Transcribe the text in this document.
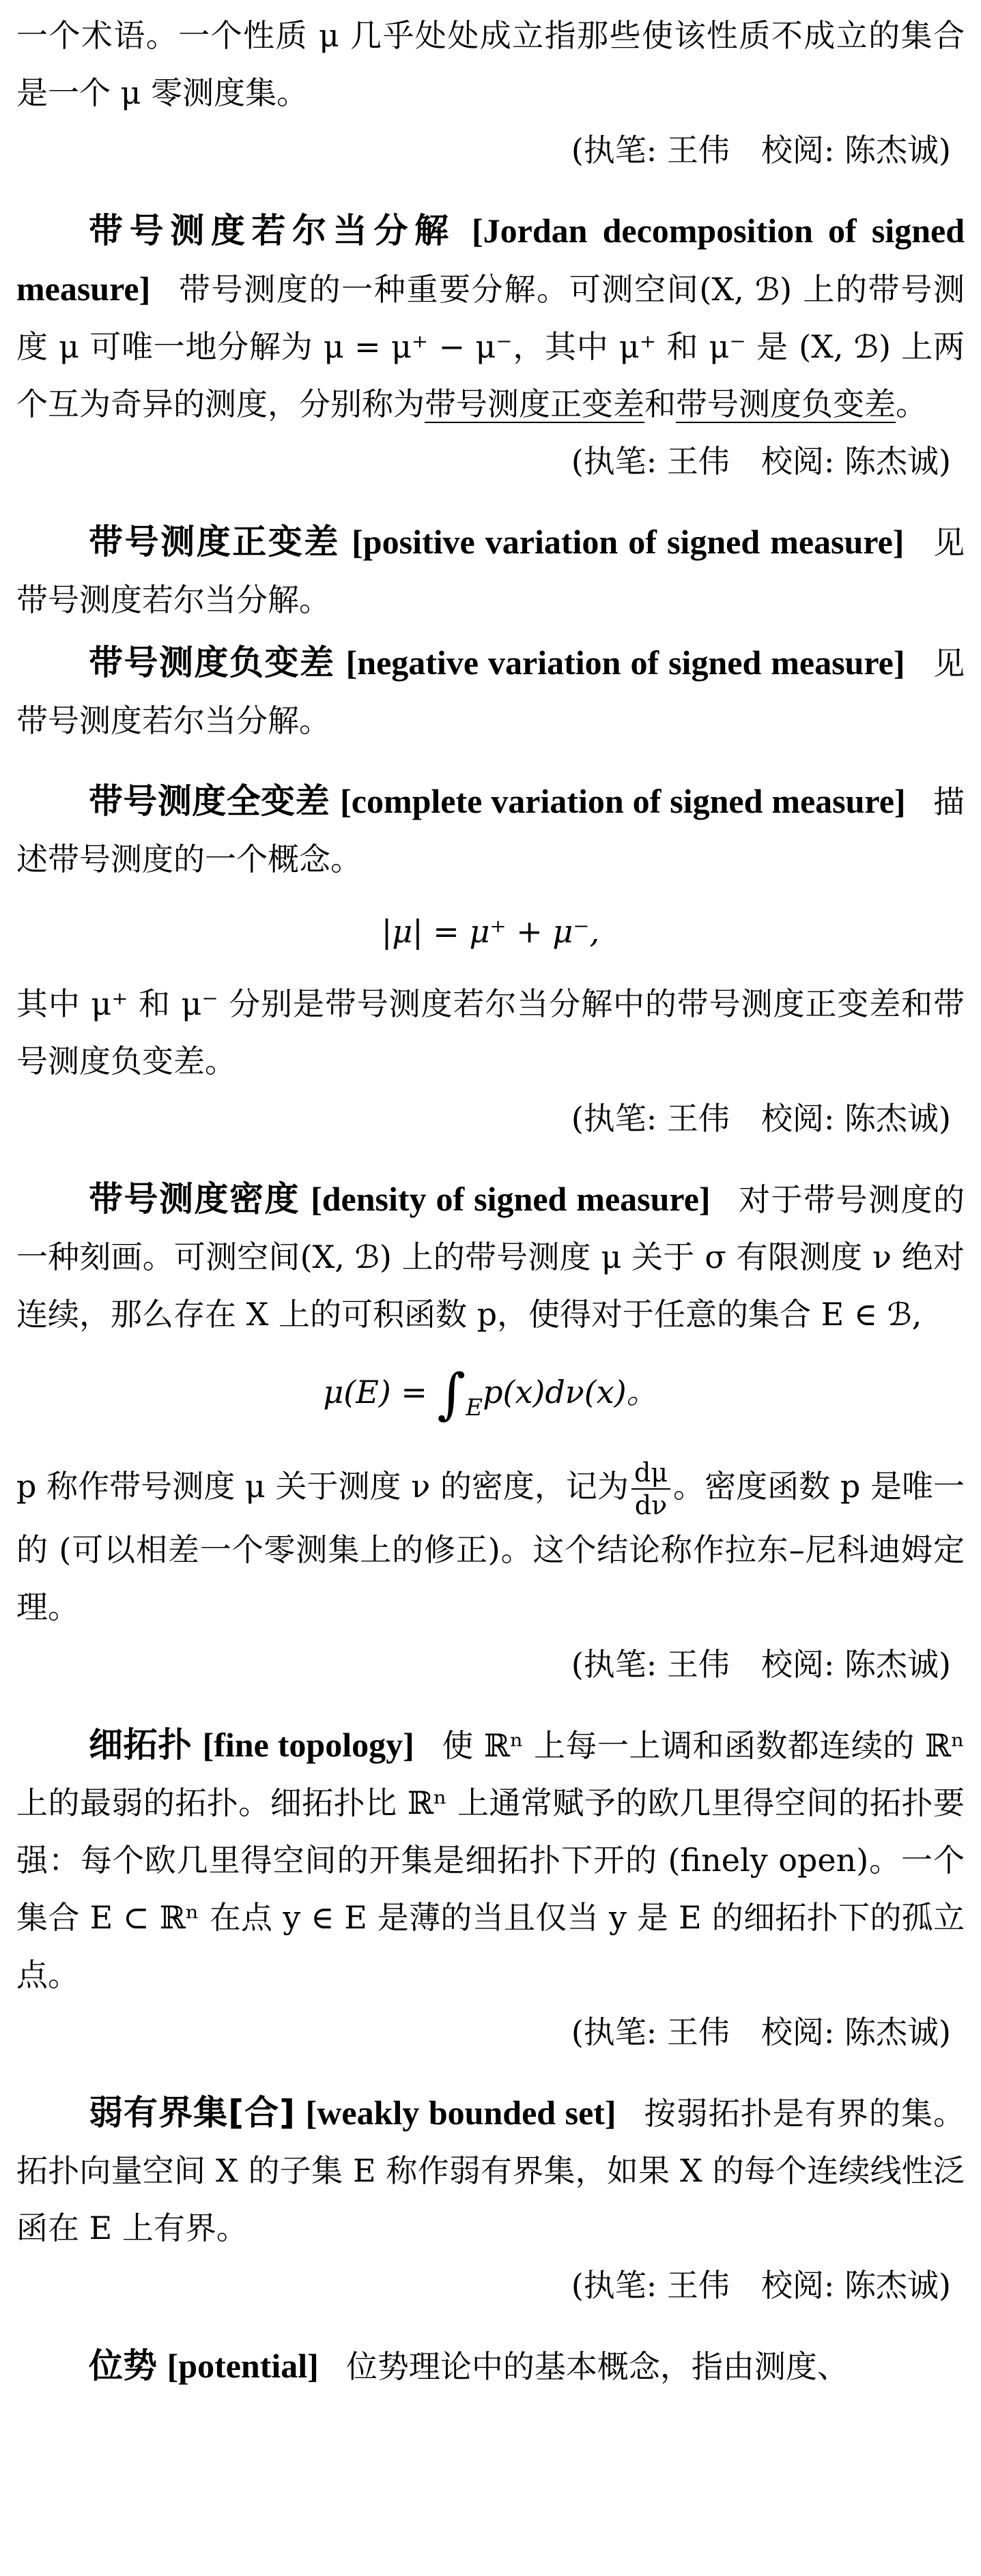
一个术语。一个性质 μ 几乎处处成立指那些使该性质不成立的集合是一个 μ 零测度集。

(执笔: 王伟 校阅: 陈杰诚)

带号测度若尔当分解 [Jordan decomposition of signed measure] 带号测度的一种重要分解。可测空间(X, ℬ) 上的带号测度 μ 可唯一地分解为 μ = μ⁺ − μ⁻，其中 μ⁺ 和 μ⁻ 是 (X, ℬ) 上两个互为奇异的测度，分别称为带号测度正变差和带号测度负变差。

(执笔: 王伟 校阅: 陈杰诚)

带号测度正变差 [positive variation of signed measure] 见带号测度若尔当分解。

带号测度负变差 [negative variation of signed measure] 见带号测度若尔当分解。

带号测度全变差 [complete variation of signed measure] 描述带号测度的一个概念。

|μ| = μ⁺ + μ⁻,

其中 μ⁺ 和 μ⁻ 分别是带号测度若尔当分解中的带号测度正变差和带号测度负变差。

(执笔: 王伟 校阅: 陈杰诚)

带号测度密度 [density of signed measure] 对于带号测度的一种刻画。可测空间(X, ℬ) 上的带号测度 μ 关于 σ 有限测度 ν 绝对连续，那么存在 X 上的可积函数 p，使得对于任意的集合 E ∈ ℬ,

$\mu(E) = \int_Ep(x)d\nu(x)$。

p 称作带号测度 μ 关于测度 ν 的密度，记为 $\frac{d\mu}{d\nu}$ 。密度函数 p 是唯一的 (可以相差一个零测集上的修正)。这个结论称作拉东–尼科迪姆定理。

(执笔: 王伟 校阅: 陈杰诚)

细拓扑 [fine topology] 使 ℝⁿ 上每一上调和函数都连续的 ℝⁿ 上的最弱的拓扑。细拓扑比 ℝⁿ 上通常赋予的欧几里得空间的拓扑要强：每个欧几里得空间的开集是细拓扑下开的 (finely open)。一个集合 E ⊂ ℝⁿ 在点 y ∈ E 是薄的当且仅当 y 是 E 的细拓扑下的孤立点。

(执笔: 王伟 校阅: 陈杰诚)

弱有界集[合] [weakly bounded set] 按弱拓扑是有界的集。拓扑向量空间 X 的子集 E 称作弱有界集，如果 X 的每个连续线性泛函在 E 上有界。

(执笔: 王伟 校阅: 陈杰诚)

位势 [potential] 位势理论中的基本概念，指由测度、
